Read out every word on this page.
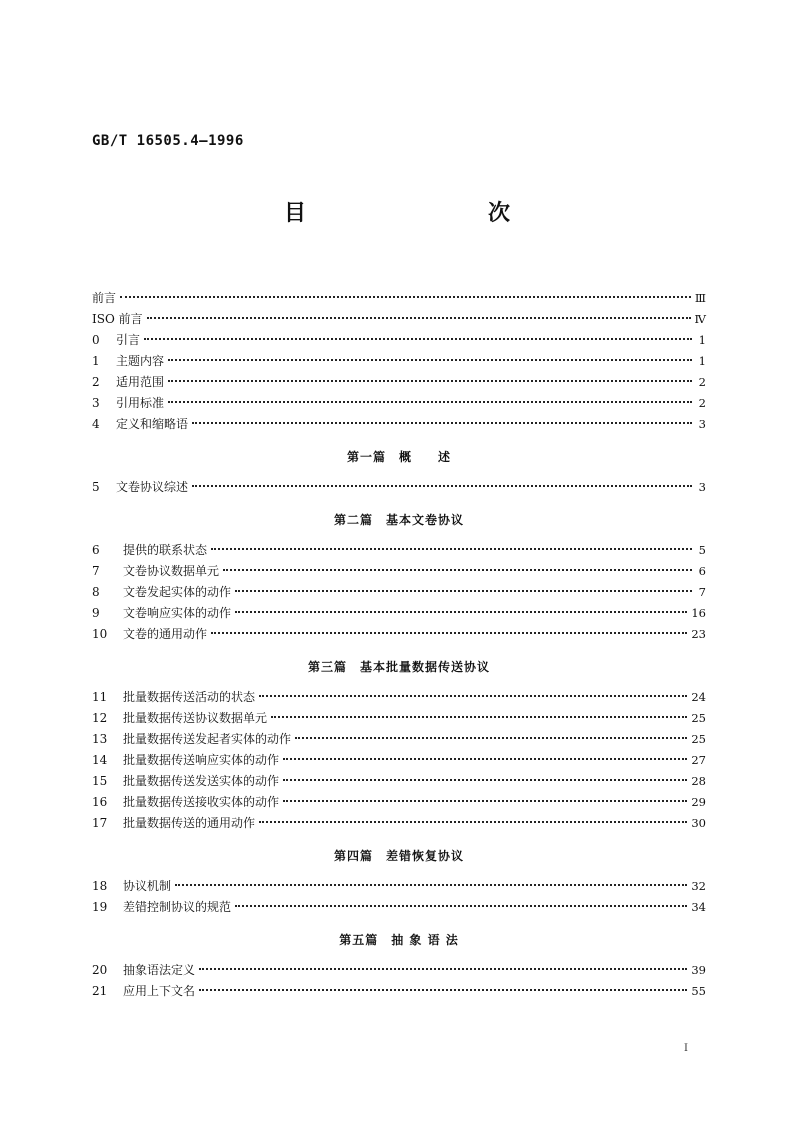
GB/T 16505.4—1996
目　　次
前言	Ⅲ
ISO 前言	Ⅳ
0	引言	1
1	主题内容	1
2	适用范围	2
3	引用标准	2
4	定义和缩略语	3
第一篇　概　　述
5	文卷协议综述	3
第二篇　基本文卷协议
6	提供的联系状态	5
7	文卷协议数据单元	6
8	文卷发起实体的动作	7
9	文卷响应实体的动作	16
10	文卷的通用动作	23
第三篇　基本批量数据传送协议
11	批量数据传送活动的状态	24
12	批量数据传送协议数据单元	25
13	批量数据传送发起者实体的动作	25
14	批量数据传送响应实体的动作	27
15	批量数据传送发送实体的动作	28
16	批量数据传送接收实体的动作	29
17	批量数据传送的通用动作	30
第四篇　差错恢复协议
18	协议机制	32
19	差错控制协议的规范	34
第五篇　抽 象 语 法
20	抽象语法定义	39
21	应用上下文名	55
I
